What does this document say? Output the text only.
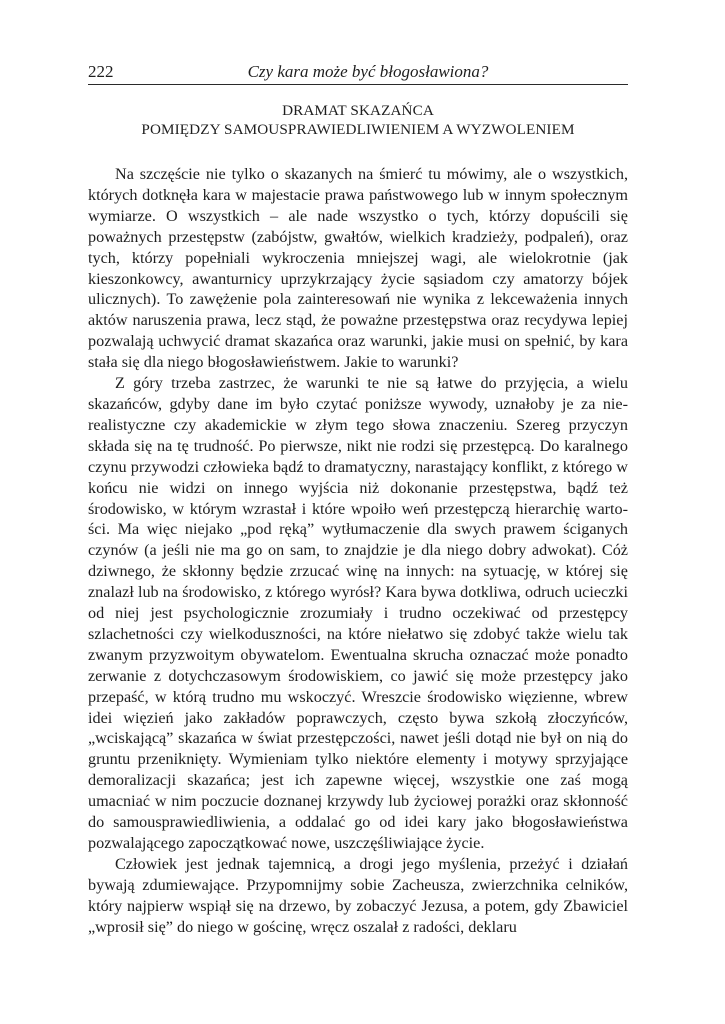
222	Czy kara może być błogosławiona?
DRAMAT SKAZAŃCA
POMIĘDZY SAMOUSPRAWIEDLIWIENIEM A WYZWOLENIEM

Na szczęście nie tylko o skazanych na śmierć tu mówimy, ale o wszystkich, których dotknęła kara w majestacie prawa państwowego lub w innym społecznym wymiarze. O wszystkich – ale nade wszystko o tych, którzy dopuścili się poważnych przestępstw (zabójstw, gwałtów, wielkich kradzieży, podpaleń), oraz tych, którzy popełniali wykroczenia mniejszej wagi, ale wielokrotnie (jak kieszonkowcy, awanturnicy uprzykrzający życie sąsiadom czy amatorzy bójek ulicznych). To zawężenie pola zainteresowań nie wynika z lekceważenia innych aktów naruszenia prawa, lecz stąd, że poważne przestępstwa oraz recydywa lepiej pozwalają uchwycić dramat skazańca oraz warunki, jakie musi on spełnić, by kara stała się dla niego błogosławieństwem. Jakie to warunki?

Z góry trzeba zastrzec, że warunki te nie są łatwe do przyjęcia, a wielu skazańców, gdyby dane im było czytać poniższe wywody, uznałoby je za nierealistyczne czy akademickie w złym tego słowa znaczeniu. Szereg przyczyn składa się na tę trudność. Po pierwsze, nikt nie rodzi się przestępcą. Do karalnego czynu przywodzi człowieka bądź to dramatyczny, narastający konflikt, z którego w końcu nie widzi on innego wyjścia niż dokonanie przestępstwa, bądź też środowisko, w którym wzrastał i które wpoiło weń przestępczą hierarchię wartości. Ma więc niejako „pod ręką” wytłumaczenie dla swych prawem ściganych czynów (a jeśli nie ma go on sam, to znajdzie je dla niego dobry adwokat). Cóż dziwnego, że skłonny będzie zrzucać winę na innych: na sytuację, w której się znalazł lub na środowisko, z którego wyrósł? Kara bywa dotkliwa, odruch ucieczki od niej jest psychologicznie zrozumiały i trudno oczekiwać od przestępcy szlachetności czy wielkoduszności, na które niełatwo się zdobyć także wielu tak zwanym przyzwoitym obywatelom. Ewentualna skrucha oznaczać może ponadto zerwanie z dotychczasowym środowiskiem, co jawić się może przestępcy jako przepaść, w którą trudno mu wskoczyć. Wreszcie środowisko więzienne, wbrew idei więzień jako zakładów poprawczych, często bywa szkołą złoczyńców, „wciskającą” skazańca w świat przestępczości, nawet jeśli dotąd nie był on nią do gruntu przeniknięty. Wymieniam tylko niektóre elementy i motywy sprzyjające demoralizacji skazańca; jest ich zapewne więcej, wszystkie one zaś mogą umacniać w nim poczucie doznanej krzywdy lub życiowej porażki oraz skłonność do samousprawiedliwienia, a oddalać go od idei kary jako błogosławieństwa pozwalającego zapoczątkować nowe, uszczęśliwiające życie.

Człowiek jest jednak tajemnicą, a drogi jego myślenia, przeżyć i działań bywają zdumiewające. Przypomnijmy sobie Zacheusza, zwierzchnika celników, który najpierw wspiął się na drzewo, by zobaczyć Jezusa, a potem, gdy Zbawiciel „wprosił się” do niego w gościnę, wręcz oszalał z radości, deklaru
